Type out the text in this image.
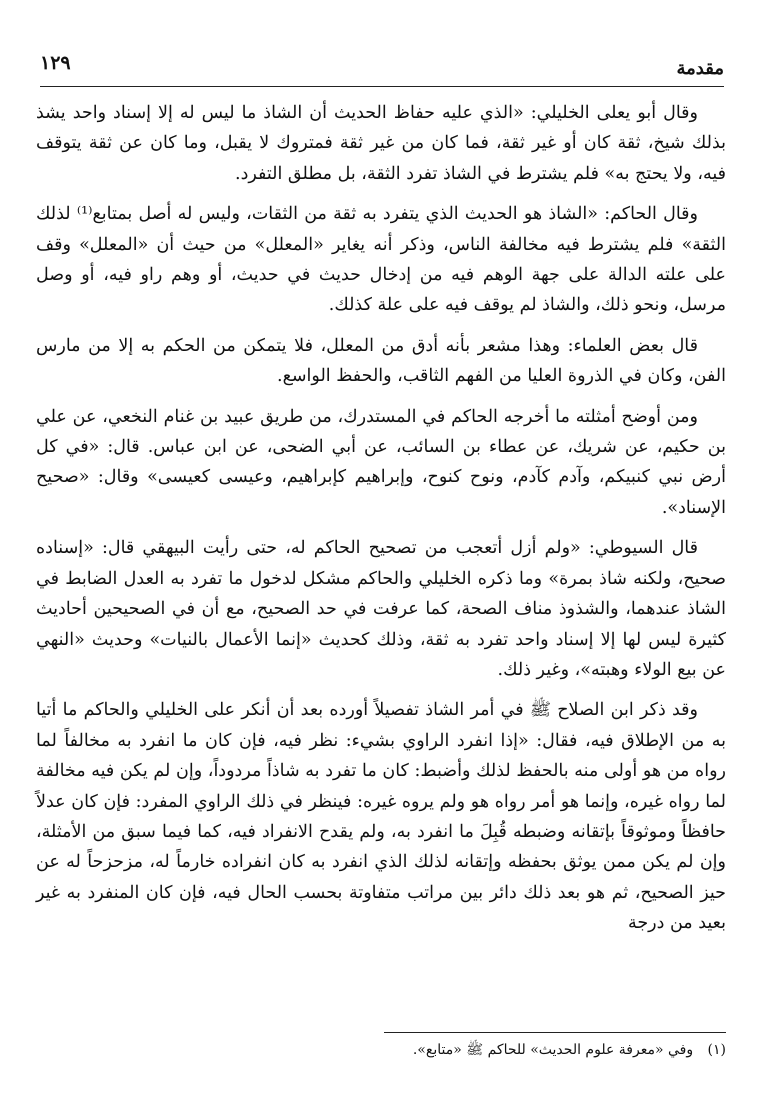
١٢٩	مقدمة

وقال أبو يعلى الخليلي: «الذي عليه حفاظ الحديث أن الشاذ ما ليس له إلا إسناد واحد يشذ بذلك شيخ، ثقة كان أو غير ثقة، فما كان من غير ثقة فمتروك لا يقبل، وما كان عن ثقة يتوقف فيه، ولا يحتج به» فلم يشترط في الشاذ تفرد الثقة، بل مطلق التفرد.

وقال الحاكم: «الشاذ هو الحديث الذي يتفرد به ثقة من الثقات، وليس له أصل بمتابع⁽¹⁾ لذلك الثقة» فلم يشترط فيه مخالفة الناس، وذكر أنه يغاير «المعلل» من حيث أن «المعلل» وقف على علته الدالة على جهة الوهم فيه من إدخال حديث في حديث، أو وهم راو فيه، أو وصل مرسل، ونحو ذلك، والشاذ لم يوقف فيه على علة كذلك.

قال بعض العلماء: وهذا مشعر بأنه أدق من المعلل، فلا يتمكن من الحكم به إلا من مارس الفن، وكان في الذروة العليا من الفهم الثاقب، والحفظ الواسع.

ومن أوضح أمثلته ما أخرجه الحاكم في المستدرك، من طريق عبيد بن غنام النخعي، عن علي بن حكيم، عن شريك، عن عطاء بن السائب، عن أبي الضحى، عن ابن عباس. قال: «في كل أرض نبي كنبيكم، وآدم كآدم، ونوح كنوح، وإبراهيم كإبراهيم، وعيسى كعيسى» وقال: «صحيح الإسناد».

قال السيوطي: «ولم أزل أتعجب من تصحيح الحاكم له، حتى رأيت البيهقي قال: «إسناده صحيح، ولكنه شاذ بمرة» وما ذكره الخليلي والحاكم مشكل لدخول ما تفرد به العدل الضابط في الشاذ عندهما، والشذوذ مناف الصحة، كما عرفت في حد الصحيح، مع أن في الصحيحين أحاديث كثيرة ليس لها إلا إسناد واحد تفرد به ثقة، وذلك كحديث «إنما الأعمال بالنيات» وحديث «النهي عن بيع الولاء وهبته»، وغير ذلك.

وقد ذكر ابن الصلاح ﷺ في أمر الشاذ تفصيلاً أورده بعد أن أنكر على الخليلي والحاكم ما أتيا به من الإطلاق فيه، فقال: «إذا انفرد الراوي بشيء: نظر فيه، فإن كان ما انفرد به مخالفاً لما رواه من هو أولى منه بالحفظ لذلك وأضبط: كان ما تفرد به شاذاً مردوداً، وإن لم يكن فيه مخالفة لما رواه غيره، وإنما هو أمر رواه هو ولم يروه غيره: فينظر في ذلك الراوي المفرد: فإن كان عدلاً حافظاً وموثوقاً بإتقانه وضبطه قُبِلَ ما انفرد به، ولم يقدح الانفراد فيه، كما فيما سبق من الأمثلة، وإن لم يكن ممن يوثق بحفظه وإتقانه لذلك الذي انفرد به كان انفراده خارماً له، مزحزحاً له عن حيز الصحيح، ثم هو بعد ذلك دائر بين مراتب متفاوتة بحسب الحال فيه، فإن كان المنفرد به غير بعيد من درجة

(١) وفي «معرفة علوم الحديث» للحاكم ﷺ «متابع».
